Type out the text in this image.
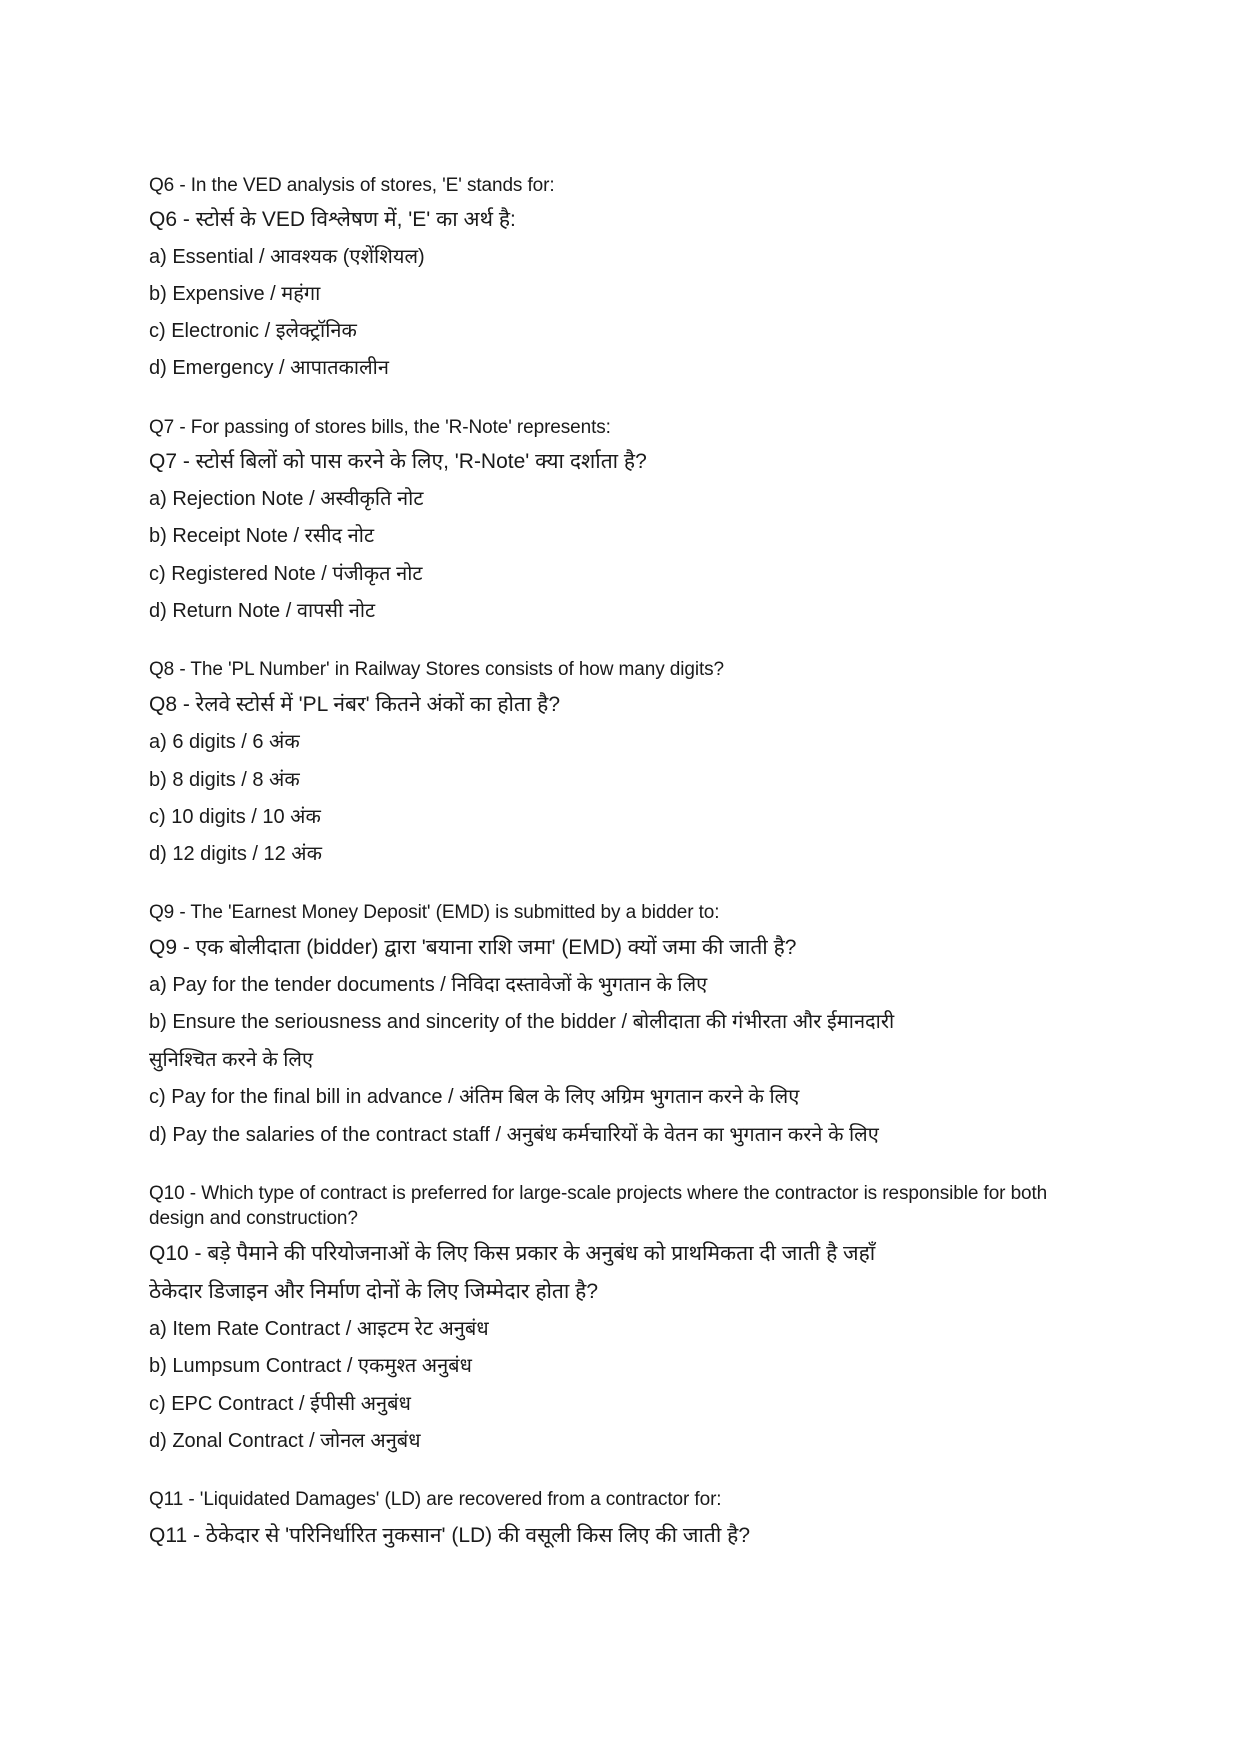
Q6 - In the VED analysis of stores, 'E' stands for:
Q6 - स्टोर्स के VED विश्लेषण में, 'E' का अर्थ है:
a) Essential / आवश्यक (एशेंशियल)
b) Expensive / महंगा
c) Electronic / इलेक्ट्रॉनिक
d) Emergency / आपातकालीन
Q7 - For passing of stores bills, the 'R-Note' represents:
Q7 - स्टोर्स बिलों को पास करने के लिए, 'R-Note' क्या दर्शाता है?
a) Rejection Note / अस्वीकृति नोट
b) Receipt Note / रसीद नोट
c) Registered Note / पंजीकृत नोट
d) Return Note / वापसी नोट
Q8 - The 'PL Number' in Railway Stores consists of how many digits?
Q8 - रेलवे स्टोर्स में 'PL नंबर' कितने अंकों का होता है?
a) 6 digits / 6 अंक
b) 8 digits / 8 अंक
c) 10 digits / 10 अंक
d) 12 digits / 12 अंक
Q9 - The 'Earnest Money Deposit' (EMD) is submitted by a bidder to:
Q9 - एक बोलीदाता (bidder) द्वारा 'बयाना राशि जमा' (EMD) क्यों जमा की जाती है?
a) Pay for the tender documents / निविदा दस्तावेजों के भुगतान के लिए
b) Ensure the seriousness and sincerity of the bidder / बोलीदाता की गंभीरता और ईमानदारी
सुनिश्चित करने के लिए
c) Pay for the final bill in advance / अंतिम बिल के लिए अग्रिम भुगतान करने के लिए
d) Pay the salaries of the contract staff / अनुबंध कर्मचारियों के वेतन का भुगतान करने के लिए
Q10 - Which type of contract is preferred for large-scale projects where the contractor is responsible for both design and construction?
Q10 - बड़े पैमाने की परियोजनाओं के लिए किस प्रकार के अनुबंध को प्राथमिकता दी जाती है जहाँ
ठेकेदार डिजाइन और निर्माण दोनों के लिए जिम्मेदार होता है?
a) Item Rate Contract / आइटम रेट अनुबंध
b) Lumpsum Contract / एकमुश्त अनुबंध
c) EPC Contract / ईपीसी अनुबंध
d) Zonal Contract / जोनल अनुबंध
Q11 - 'Liquidated Damages' (LD) are recovered from a contractor for:
Q11 - ठेकेदार से 'परिनिर्धारित नुकसान' (LD) की वसूली किस लिए की जाती है?
